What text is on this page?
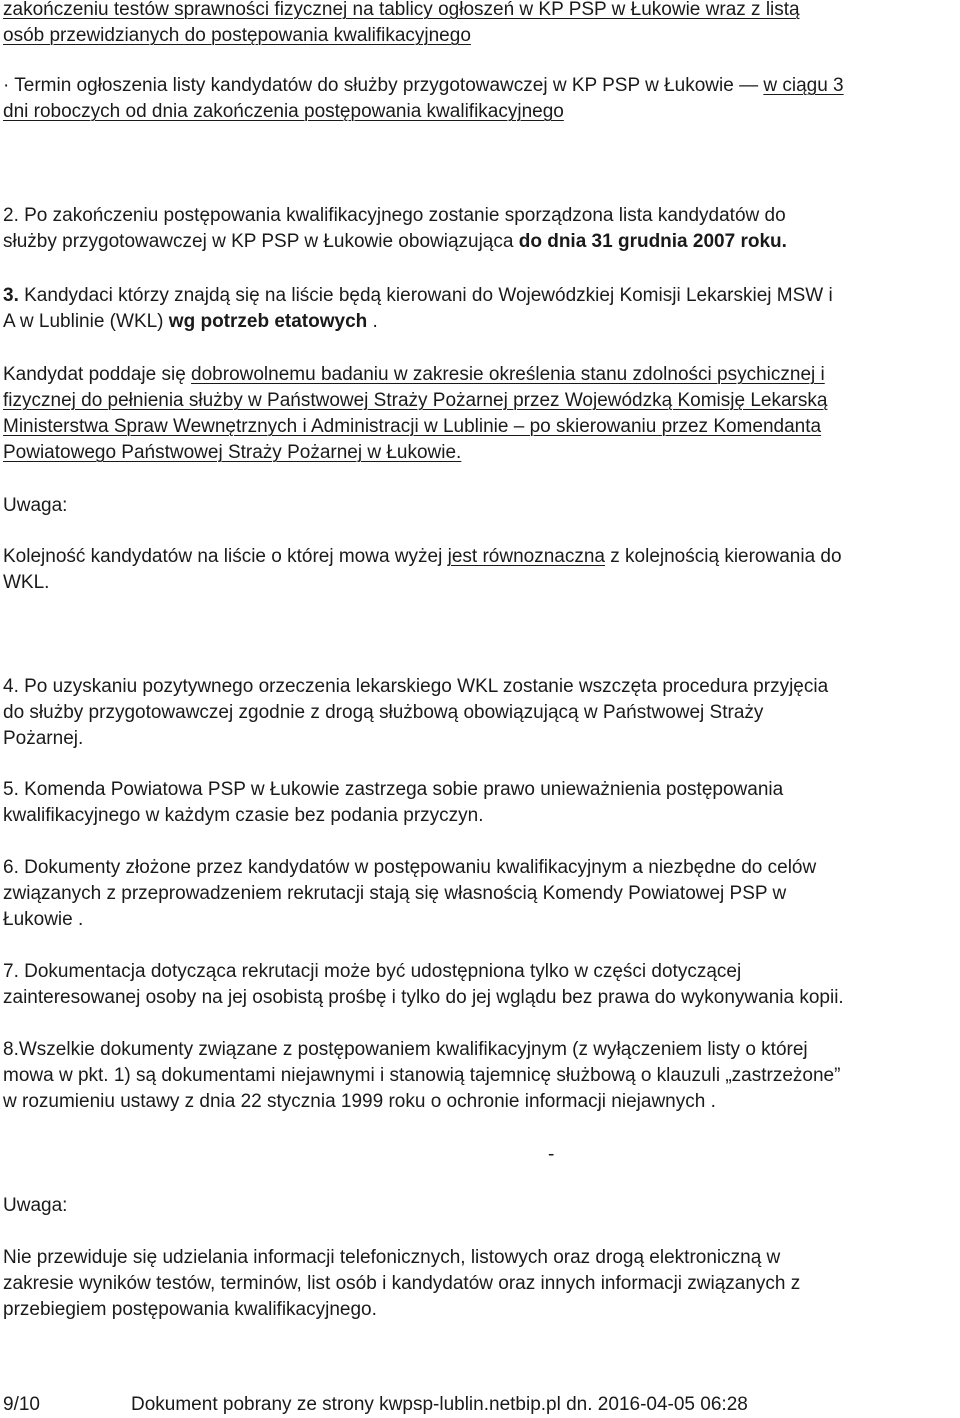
zakończeniu testów sprawności fizycznej na tablicy ogłoszeń w KP PSP w Łukowie wraz z listą

osób przewidzianych do postępowania kwalifikacyjnego

· Termin ogłoszenia listy kandydatów do służby przygotowawczej w KP PSP w Łukowie — w ciągu 3

dni roboczych od dnia zakończenia postępowania kwalifikacyjnego

2. Po zakończeniu postępowania kwalifikacyjnego zostanie sporządzona lista kandydatów do

służby przygotowawczej w KP PSP w Łukowie obowiązująca do dnia 31 grudnia 2007 roku.

3. Kandydaci którzy znajdą się na liście będą kierowani do Wojewódzkiej Komisji Lekarskiej MSW i

A w Lublinie (WKL) wg potrzeb etatowych .

Kandydat poddaje się dobrowolnemu badaniu w zakresie określenia stanu zdolności psychicznej i

fizycznej do pełnienia służby w Państwowej Straży Pożarnej przez Wojewódzką Komisję Lekarską

Ministerstwa Spraw Wewnętrznych i Administracji w Lublinie – po skierowaniu przez Komendanta

Powiatowego Państwowej Straży Pożarnej w Łukowie.

Uwaga:

Kolejność kandydatów na liście o której mowa wyżej jest równoznaczna z kolejnością kierowania do

WKL.

4. Po uzyskaniu pozytywnego orzeczenia lekarskiego WKL zostanie wszczęta procedura przyjęcia

do służby przygotowawczej zgodnie z drogą służbową obowiązującą w Państwowej Straży

Pożarnej.

5. Komenda Powiatowa PSP w Łukowie zastrzega sobie prawo unieważnienia postępowania

kwalifikacyjnego w każdym czasie bez podania przyczyn.

6. Dokumenty złożone przez kandydatów w postępowaniu kwalifikacyjnym a niezbędne do celów

związanych z przeprowadzeniem rekrutacji stają się własnością Komendy Powiatowej PSP w

Łukowie .

7. Dokumentacja dotycząca rekrutacji może być udostępniona tylko w części dotyczącej

zainteresowanej osoby na jej osobistą prośbę i tylko do jej wglądu bez prawa do wykonywania kopii.

8.Wszelkie dokumenty związane z postępowaniem kwalifikacyjnym (z wyłączeniem listy o której

mowa w pkt. 1) są dokumentami niejawnymi i stanowią tajemnicę służbową o klauzuli „zastrzeżone”

w rozumieniu ustawy z dnia 22 stycznia 1999 roku o ochronie informacji niejawnych .

-

Uwaga:

Nie przewiduje się udzielania informacji telefonicznych, listowych oraz drogą elektroniczną w

zakresie wyników testów, terminów, list osób i kandydatów oraz innych informacji związanych z

przebiegiem postępowania kwalifikacyjnego.

9/10	Dokument pobrany ze strony kwpsp-lublin.netbip.pl dn. 2016-04-05 06:28
